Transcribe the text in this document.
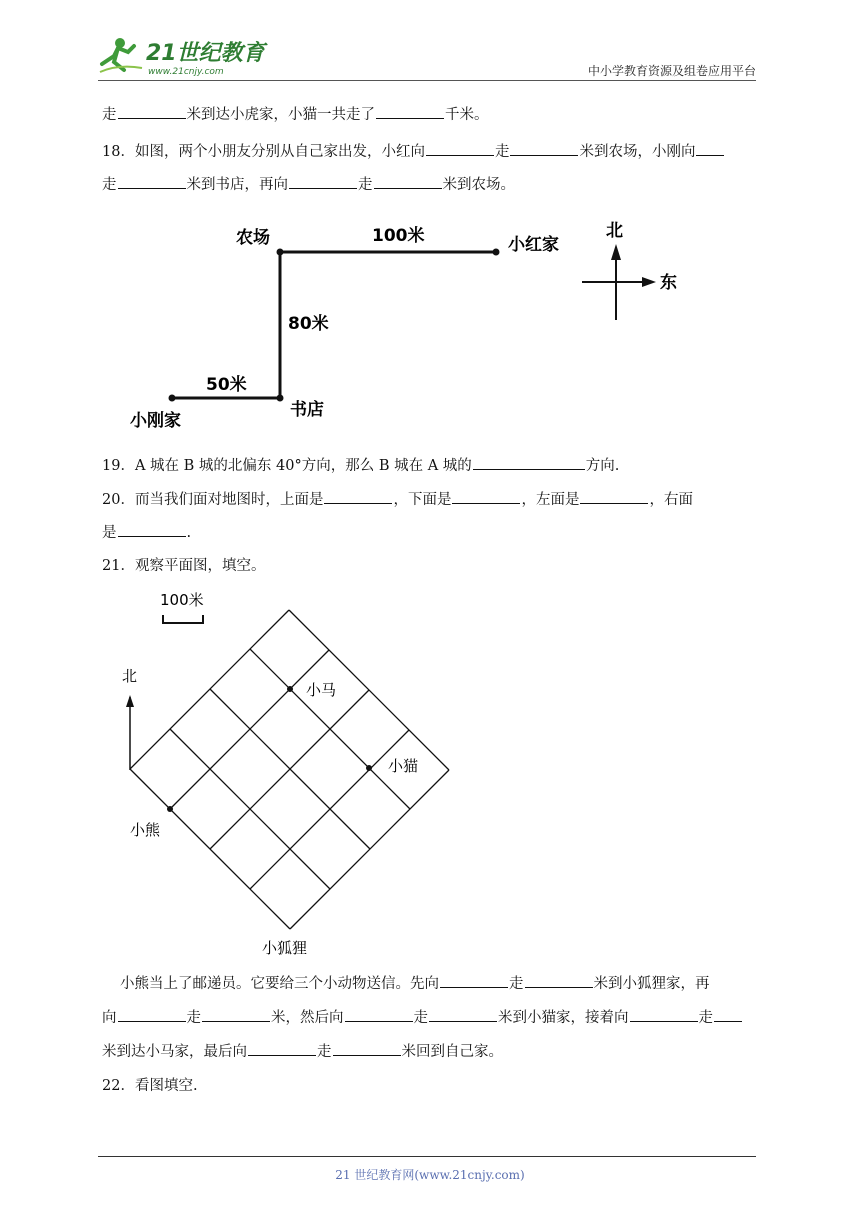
21世纪教育
www.21cnjy.com	中小学教育资源及组卷应用平台
走	米到达小虎家，小猫一共走了	千米。
18．如图，两个小朋友分别从自己家出发，小红向	走	米到农场，小刚向
走	米到书店，再向	走	米到农场。
农场	100米	小红家
80米
50米
书店
小刚家
北
东
19．A 城在 B 城的北偏东 40°方向，那么 B 城在 A 城的	方向.
20．而当我们面对地图时，上面是	，下面是	，左面是	，右面
是	.
21．观察平面图，填空。
100米
北
小马
小猫
小熊
小狐狸
小熊当上了邮递员。它要给三个小动物送信。先向	走	米到小狐狸家，再
向	走	米，然后向	走	米到小猫家，接着向	走
米到达小马家，最后向	走	米回到自己家。
22．看图填空.
21 世纪教育网(www.21cnjy.com)
